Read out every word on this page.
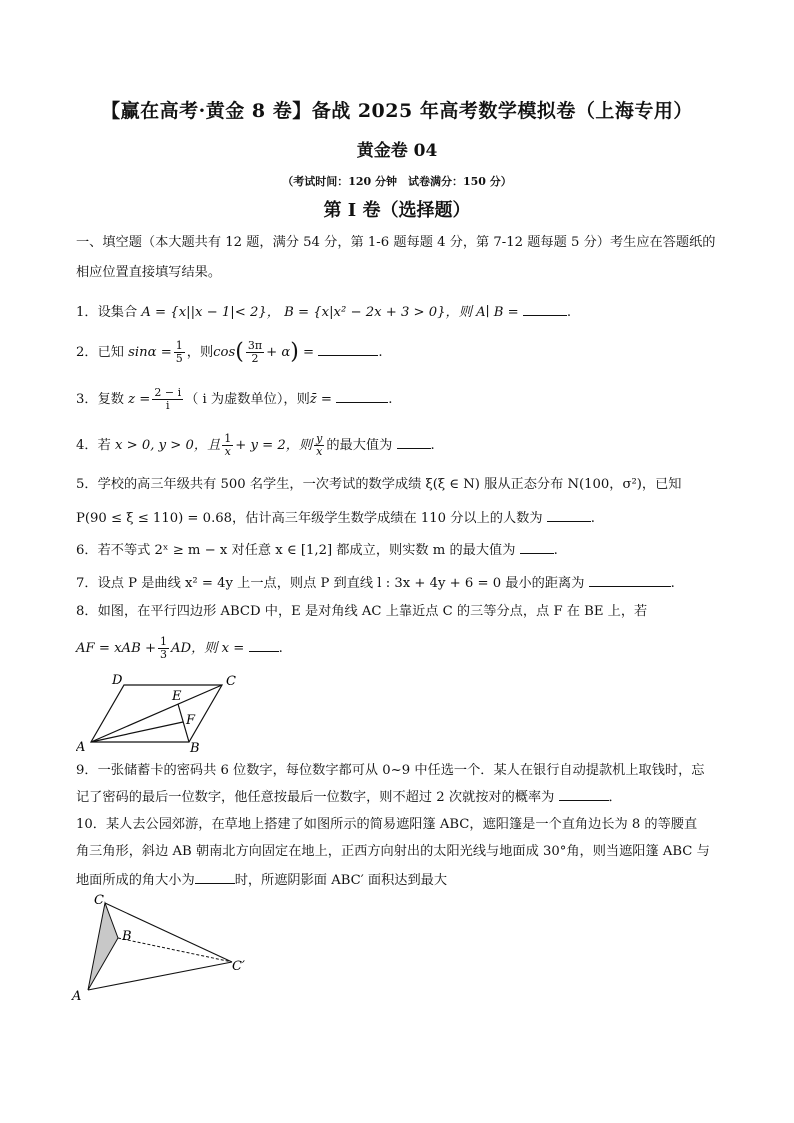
【赢在高考·黄金 8 卷】备战 2025 年高考数学模拟卷（上海专用）
黄金卷 04
（考试时间：120 分钟　试卷满分：150 分）
第 I 卷（选择题）
一、填空题（本大题共有 12 题，满分 54 分，第 1-6 题每题 4 分，第 7-12 题每题 5 分）考生应在答题纸的
相应位置直接填写结果。
1．设集合 A = {x||x − 1|< 2}， B = {x|x² − 2x + 3 > 0}，则 A∣ B =	.
2．已知 $\sin\alpha = \frac{1}{5}$ ，则$\cos( \frac{3\pi}{2} + \alpha)$ =	.
3．复数 $z = \frac{2 - i}{i}$ （ i 为虚数单位），则z̄ =	.
4．若 x > 0, y > 0，且 $\frac{1}{x} + y = 2$，则 $\frac{y}{x}$ 的最大值为	.
5．学校的高三年级共有 500 名学生，一次考试的数学成绩 ξ(ξ ∈ N) 服从正态分布 N(100，σ²)，已知
P(90 ≤ ξ ≤ 110) = 0.68，估计高三年级学生数学成绩在 110 分以上的人数为	.
6．若不等式 2ˣ ≥ m − x 对任意 x ∈ [1,2] 都成立，则实数 m 的最大值为	.
7．设点 P 是曲线 x² = 4y 上一点，则点 P 到直线 l : 3x + 4y + 6 = 0 最小的距离为	.
8．如图，在平行四边形 ABCD 中，E 是对角线 AC 上靠近点 C 的三等分点，点 F 在 BE 上，若
AF = xAB + $\frac{1}{3}$ AD，则 x =	.
D	C
E
F
A	B
9．一张储蓄卡的密码共 6 位数字，每位数字都可从 0~9 中任选一个．某人在银行自动提款机上取钱时，忘
记了密码的最后一位数字，他任意按最后一位数字，则不超过 2 次就按对的概率为	．
10．某人去公园郊游，在草地上搭建了如图所示的简易遮阳篷 ABC，遮阳篷是一个直角边长为 8 的等腰直
角三角形，斜边 AB 朝南北方向固定在地上，正西方向射出的太阳光线与地面成 30°角，则当遮阳篷 ABC 与
地面所成的角大小为	时，所遮阴影面 ABC′ 面积达到最大
C
B
C′
A
